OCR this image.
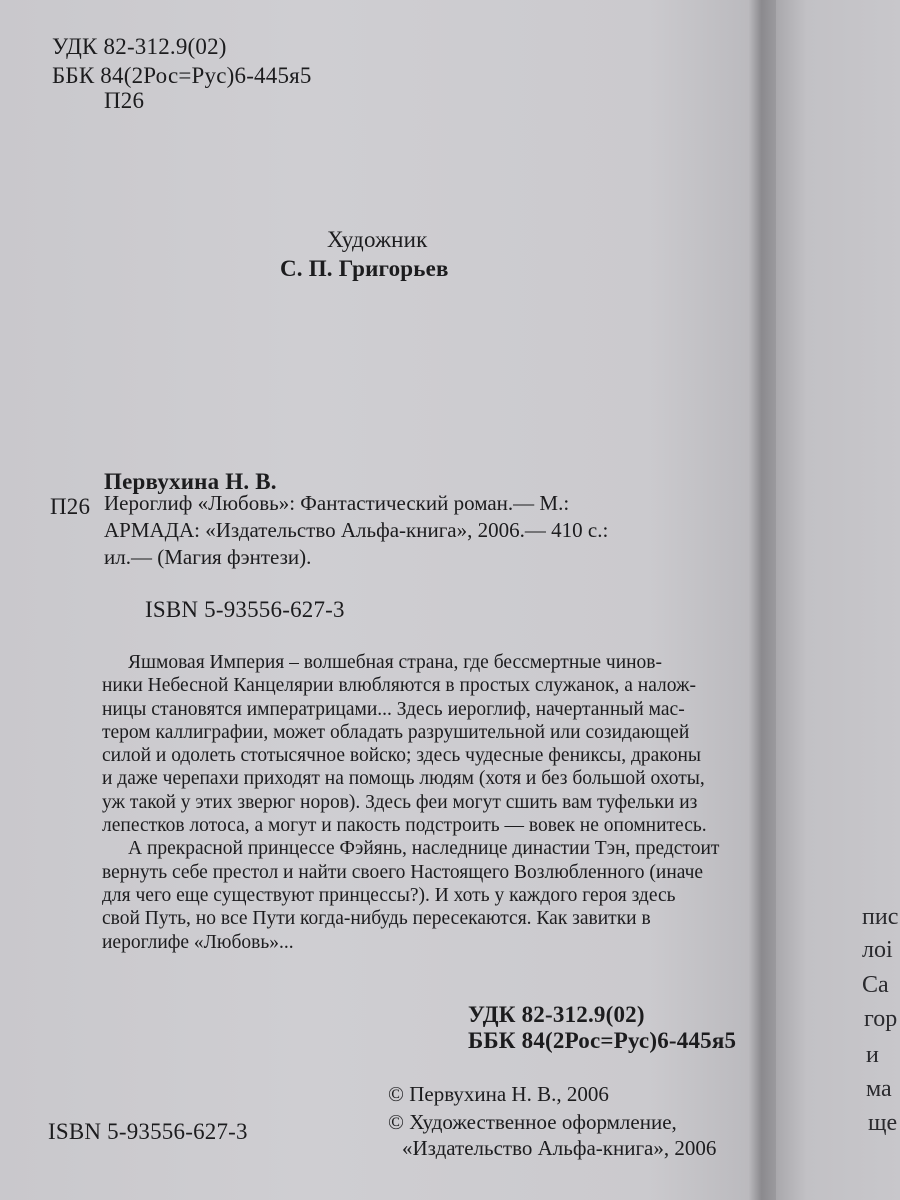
УДК 82-312.9(02)
ББК 84(2Рос=Рус)6-445я5
П26
Художник
С. П. Григорьев
Первухина Н. В.
П26 Иероглиф «Любовь»: Фантастический роман.— М.:

АРМАДА: «Издательство Альфа-книга», 2006.— 410 с.:

ил.— (Магия фэнтези).

ISBN 5-93556-627-3

Яшмовая Империя – волшебная страна, где бессмертные чинов-

ники Небесной Канцелярии влюбляются в простых служанок, а налож-

ницы становятся императрицами... Здесь иероглиф, начертанный мас-

тером каллиграфии, может обладать разрушительной или созидающей

силой и одолеть стотысячное войско; здесь чудесные фениксы, драконы

и даже черепахи приходят на помощь людям (хотя и без большой охоты,

уж такой у этих зверюг норов). Здесь феи могут сшить вам туфельки из

лепестков лотоса, а могут и пакость подстроить — вовек не опомнитесь.

А прекрасной принцессе Фэйянь, наследнице династии Тэн, предстоит

вернуть себе престол и найти своего Настоящего Возлюбленного (иначе

для чего еще существуют принцессы?). И хоть у каждого героя здесь

свой Путь, но все Пути когда-нибудь пересекаются. Как завитки в

иероглифе «Любовь»...

УДК 82-312.9(02)
ББК 84(2Рос=Рус)6-445я5
© Первухина Н. В., 2006
© Художественное оформление,
«Издательство Альфа-книга», 2006
ISBN 5-93556-627-3
пис
лоі
Са
гор
и
ма
ще
